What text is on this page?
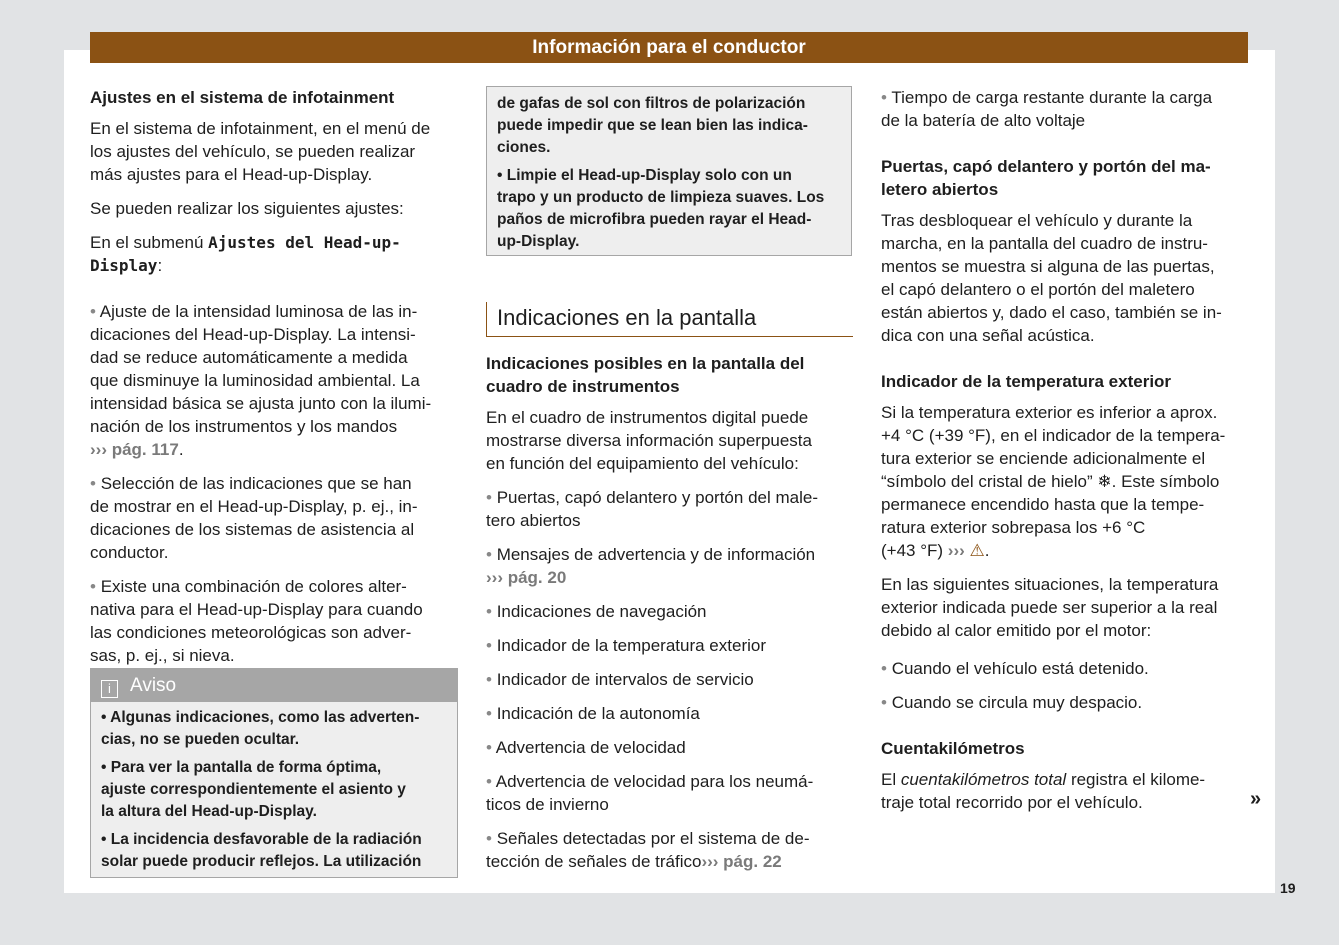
Información para el conductor
Ajustes en el sistema de infotainment

En el sistema de infotainment, en el menú de
los ajustes del vehículo, se pueden realizar
más ajustes para el Head-up-Display.

Se pueden realizar los siguientes ajustes:

En el submenú Ajustes del Head-up-
Display:

• Ajuste de la intensidad luminosa de las in-
dicaciones del Head-up-Display. La intensi-
dad se reduce automáticamente a medida
que disminuye la luminosidad ambiental. La
intensidad básica se ajusta junto con la ilumi-
nación de los instrumentos y los mandos
››› pág. 117.

• Selección de las indicaciones que se han
de mostrar en el Head-up-Display, p. ej., in-
dicaciones de los sistemas de asistencia al
conductor.

• Existe una combinación de colores alter-
nativa para el Head-up-Display para cuando
las condiciones meteorológicas son adver-
sas, p. ej., si nieva.

i Aviso

• Algunas indicaciones, como las adverten-
cias, no se pueden ocultar.

• Para ver la pantalla de forma óptima,
ajuste correspondientemente el asiento y
la altura del Head-up-Display.

• La incidencia desfavorable de la radiación
solar puede producir reflejos. La utilización

de gafas de sol con filtros de polarización
puede impedir que se lean bien las indica-
ciones.

• Limpie el Head-up-Display solo con un
trapo y un producto de limpieza suaves. Los
paños de microfibra pueden rayar el Head-
up-Display.

Indicaciones en la pantalla
Indicaciones posibles en la pantalla del
cuadro de instrumentos

En el cuadro de instrumentos digital puede
mostrarse diversa información superpuesta
en función del equipamiento del vehículo:

• Puertas, capó delantero y portón del male-
tero abiertos

• Mensajes de advertencia y de información
››› pág. 20

• Indicaciones de navegación

• Indicador de la temperatura exterior

• Indicador de intervalos de servicio

• Indicación de la autonomía

• Advertencia de velocidad

• Advertencia de velocidad para los neumá-
ticos de invierno

• Señales detectadas por el sistema de de-
tección de señales de tráfico››› pág. 22

• Tiempo de carga restante durante la carga
de la batería de alto voltaje

Puertas, capó delantero y portón del ma-
letero abiertos

Tras desbloquear el vehículo y durante la
marcha, en la pantalla del cuadro de instru-
mentos se muestra si alguna de las puertas,
el capó delantero o el portón del maletero
están abiertos y, dado el caso, también se in-
dica con una señal acústica.

Indicador de la temperatura exterior

Si la temperatura exterior es inferior a aprox.
+4 °C (+39 °F), en el indicador de la tempera-
tura exterior se enciende adicionalmente el
“símbolo del cristal de hielo” ❄. Este símbolo
permanece encendido hasta que la tempe-
ratura exterior sobrepasa los +6 °C
(+43 °F) ››› ⚠.

En las siguientes situaciones, la temperatura
exterior indicada puede ser superior a la real
debido al calor emitido por el motor:

• Cuando el vehículo está detenido.

• Cuando se circula muy despacio.

Cuentakilómetros

El cuentakilómetros total registra el kilome-
traje total recorrido por el vehículo.	»
19
